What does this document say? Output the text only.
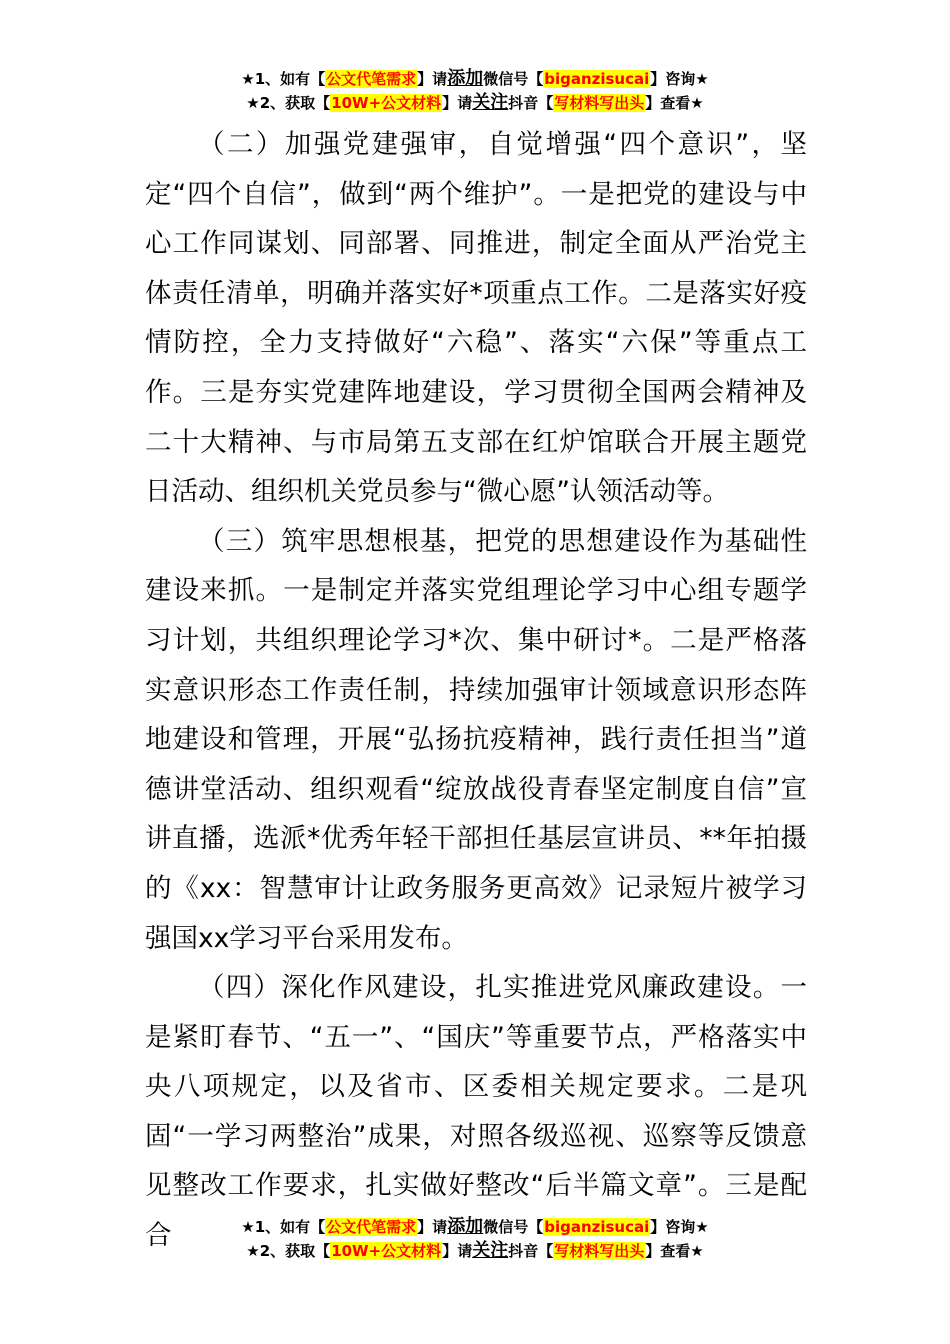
★1、如有【公文代笔需求】请添加微信号【biganzisucai】咨询★
★2、获取【10W+公文材料】请关注抖音【写材料写出头】查看★

（二）加强党建强审，自觉增强“四个意识”，坚定“四个自信”，做到“两个维护”。一是把党的建设与中心工作同谋划、同部署、同推进，制定全面从严治党主体责任清单，明确并落实好*项重点工作。二是落实好疫情防控，全力支持做好“六稳”、落实“六保”等重点工作。三是夯实党建阵地建设，学习贯彻全国两会精神及二十大精神、与市局第五支部在红炉馆联合开展主题党日活动、组织机关党员参与“微心愿”认领活动等。

（三）筑牢思想根基，把党的思想建设作为基础性建设来抓。一是制定并落实党组理论学习中心组专题学习计划，共组织理论学习*次、集中研讨*。二是严格落实意识形态工作责任制，持续加强审计领域意识形态阵地建设和管理，开展“弘扬抗疫精神，践行责任担当”道德讲堂活动、组织观看“绽放战役青春坚定制度自信”宣讲直播，选派*优秀年轻干部担任基层宣讲员、**年拍摄的《xx：智慧审计让政务服务更高效》记录短片被学习强国xx学习平台采用发布。

（四）深化作风建设，扎实推进党风廉政建设。一是紧盯春节、“五一”、“国庆”等重要节点，严格落实中央八项规定，以及省市、区委相关规定要求。二是巩固“一学习两整治”成果，对照各级巡视、巡察等反馈意见整改工作要求，扎实做好整改“后半篇文章”。三是配合	★1、如有【公文代笔需求】请添加微信号【biganzisucai】咨询★
★2、获取【10W+公文材料】请关注抖音【写材料写出头】查看★
